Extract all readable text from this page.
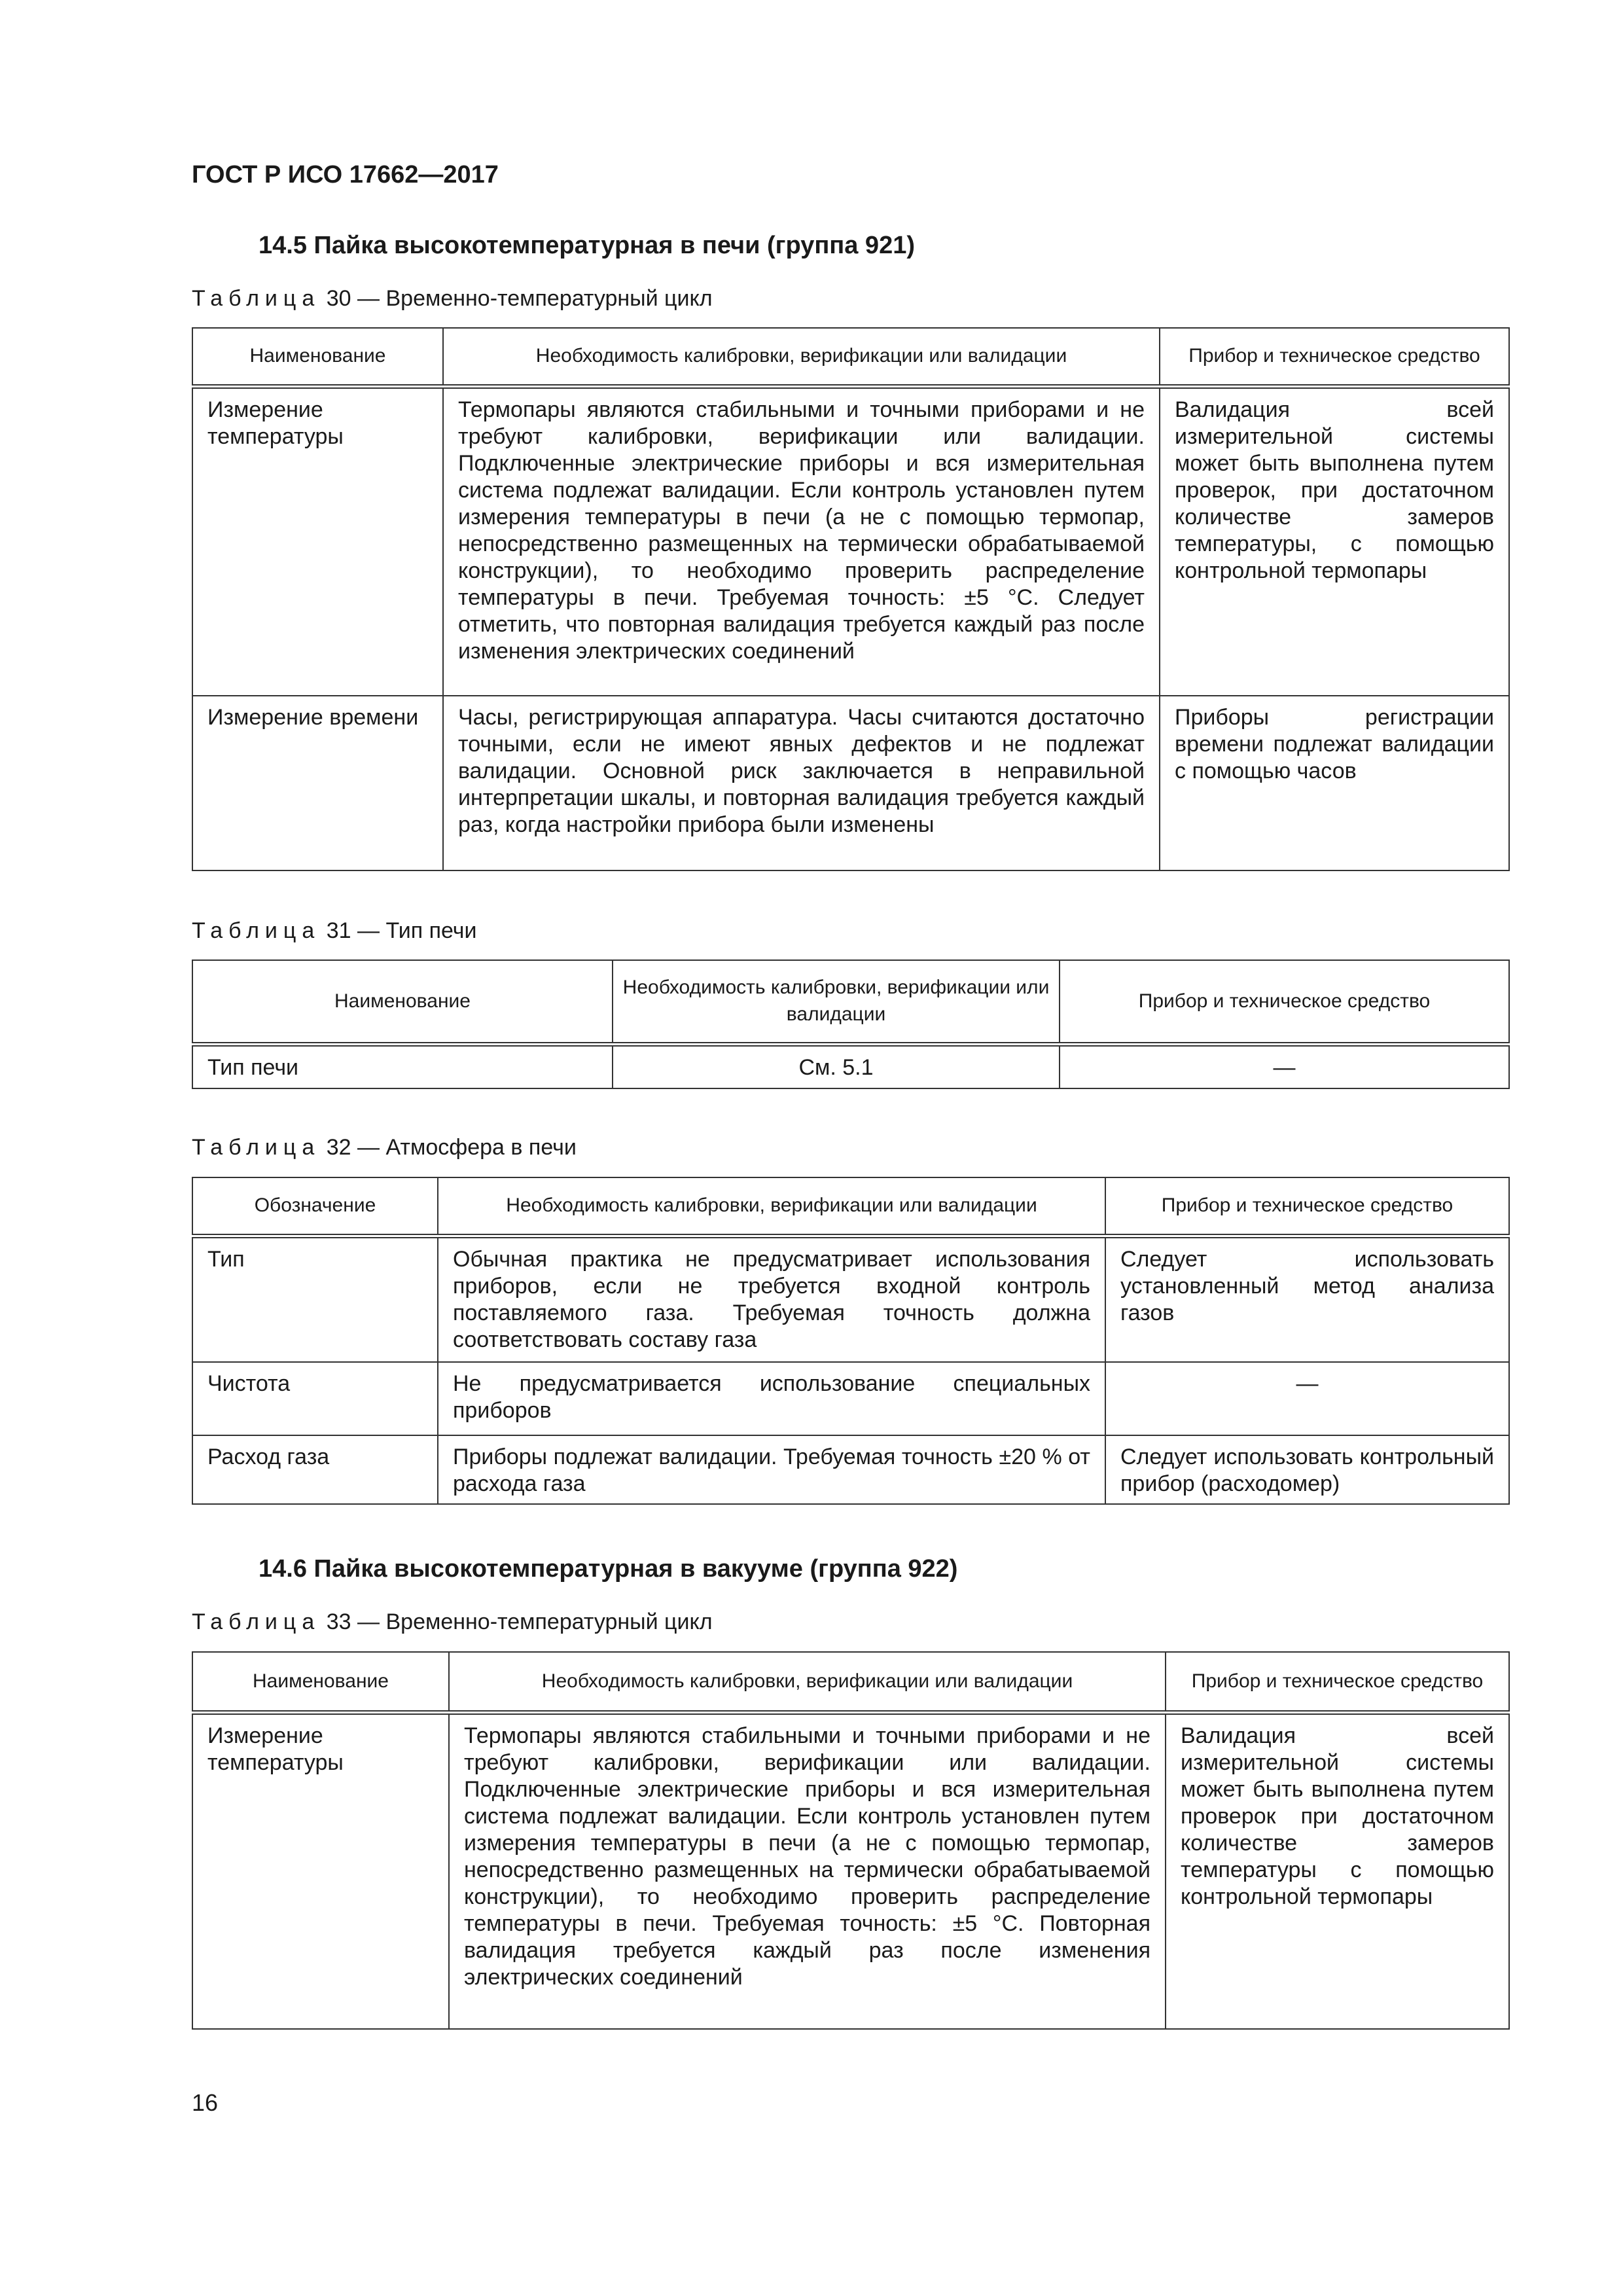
ГОСТ Р ИСО 17662—2017
14.5 Пайка высокотемпературная в печи (группа 921)
Таблица 30 — Временно-температурный цикл
Наименование	Необходимость калибровки, верификации или валидации	Прибор и техническое средство
Измерение температуры	Термопары являются стабильными и точными приборами и не требуют калибровки, верификации или валидации. Подключенные электрические приборы и вся измерительная система подлежат валидации. Если контроль установлен путем измерения температуры в печи (а не с помощью термопар, непосредственно размещенных на термически обрабатываемой конструкции), то необходимо проверить распределение температуры в печи. Требуемая точность: ±5 °С. Следует отметить, что повторная валидация требуется каждый раз после изменения электрических соединений	Валидация всей измерительной системы может быть выполнена путем проверок, при достаточном количестве замеров температуры, с помощью контрольной термопары
Измерение времени	Часы, регистрирующая аппаратура. Часы считаются достаточно точными, если не имеют явных дефектов и не подлежат валидации. Основной риск заключается в неправильной интерпретации шкалы, и повторная валидация требуется каждый раз, когда настройки прибора были изменены	Приборы регистрации времени подлежат валидации с помощью часов
Таблица 31 — Тип печи
Наименование	Необходимость калибровки, верификации или валидации	Прибор и техническое средство
Тип печи	См. 5.1	—
Таблица 32 — Атмосфера в печи
Обозначение	Необходимость калибровки, верификации или валидации	Прибор и техническое средство
Тип	Обычная практика не предусматривает использования приборов, если не требуется входной контроль поставляемого газа. Требуемая точность должна соответствовать составу газа	Следует использовать установленный метод анализа газов
Чистота	Не предусматривается использование специальных приборов	—
Расход газа	Приборы подлежат валидации. Требуемая точность ±20 % от расхода газа	Следует использовать контрольный прибор (расходомер)
14.6 Пайка высокотемпературная в вакууме (группа 922)
Таблица 33 — Временно-температурный цикл
Наименование	Необходимость калибровки, верификации или валидации	Прибор и техническое средство
Измерение температуры	Термопары являются стабильными и точными приборами и не требуют калибровки, верификации или валидации. Подключенные электрические приборы и вся измерительная система подлежат валидации. Если контроль установлен путем измерения температуры в печи (а не с помощью термопар, непосредственно размещенных на термически обрабатываемой конструкции), то необходимо проверить распределение температуры в печи. Требуемая точность: ±5 °С. Повторная валидация требуется каждый раз после изменения электрических соединений	Валидация всей измерительной системы может быть выполнена путем проверок при достаточном количестве замеров температуры с помощью контрольной термопары
16
